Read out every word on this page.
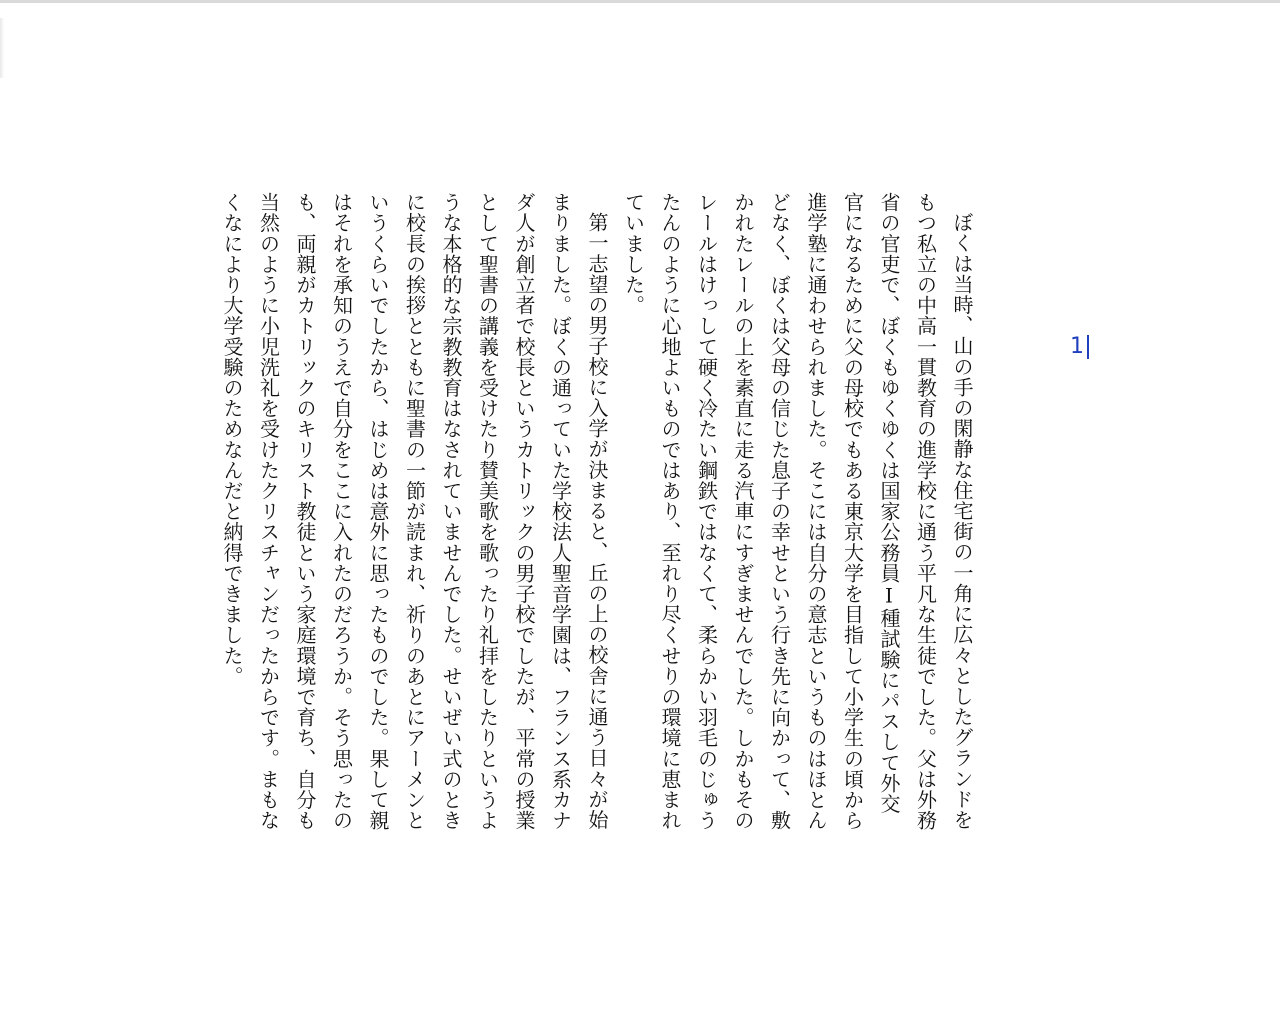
1

ぼくは当時、山の手の閑静な住宅街の一角に広々としたグランドをもつ私立の中高一貫教育の進学校に通う平凡な生徒でした。父は外務省の官吏で、ぼくもゆくゆくは国家公務員Ⅰ種試験にパスして外交官になるために父の母校でもある東京大学を目指して小学生の頃から進学塾に通わせられました。そこには自分の意志というものはほとんどなく、ぼくは父母の信じた息子の幸せという行き先に向かって、敷かれたレールの上を素直に走る汽車にすぎませんでした。しかもそのレールはけっして硬く冷たい鋼鉄ではなくて、柔らかい羽毛のじゅうたんのように心地よいものではあり、至れり尽くせりの環境に恵まれていました。

第一志望の男子校に入学が決まると、丘の上の校舎に通う日々が始まりました。ぼくの通っていた学校法人聖音学園は、フランス系カナダ人が創立者で校長というカトリックの男子校でしたが、平常の授業として聖書の講義を受けたり賛美歌を歌ったり礼拝をしたりというような本格的な宗教教育はなされていませんでした。せいぜい式のときに校長の挨拶とともに聖書の一節が読まれ、祈りのあとにアーメンというくらいでしたから、はじめは意外に思ったものでした。果して親はそれを承知のうえで自分をここに入れたのだろうか。そう思ったのも、両親がカトリックのキリスト教徒という家庭環境で育ち、自分も当然のように小児洗礼を受けたクリスチャンだったからです。まもなくなにより大学受験のためなんだと納得できました。
